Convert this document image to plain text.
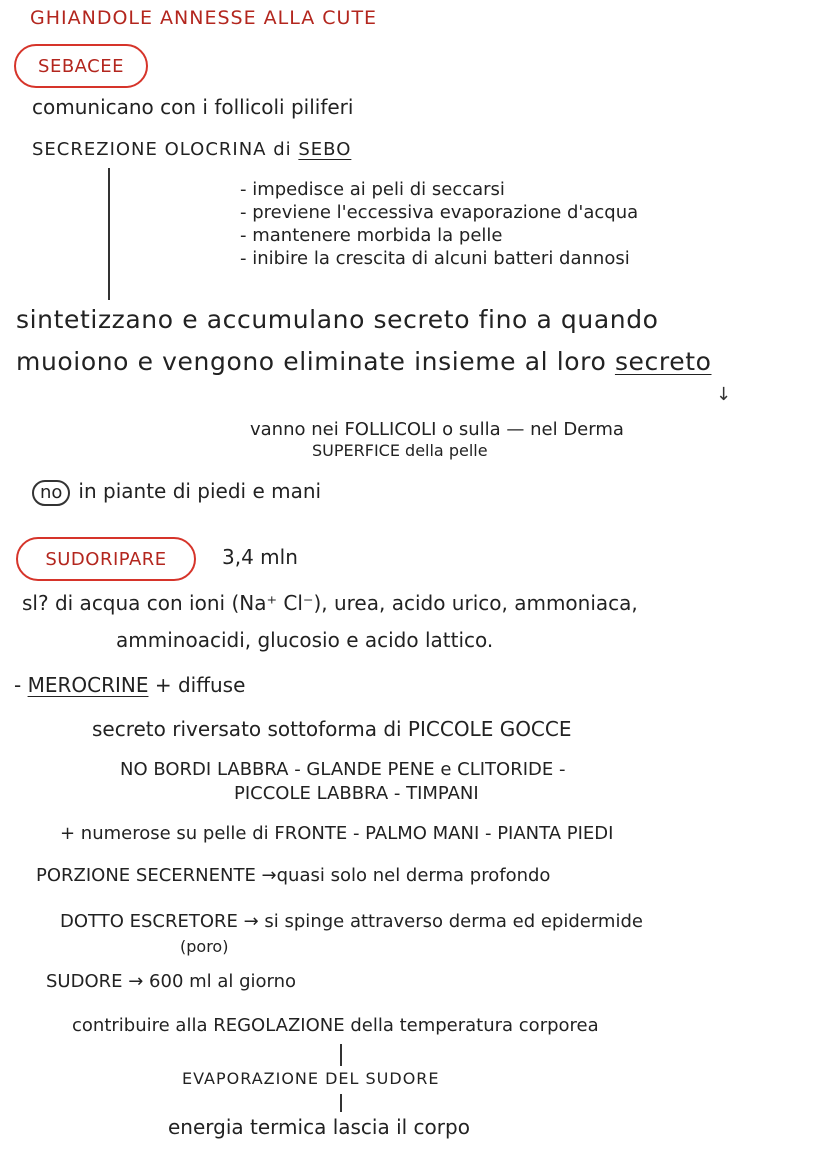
GHIANDOLE ANNESSE ALLA CUTE
SEBACEE
comunicano con i follicoli piliferi
SECREZIONE OLOCRINA di SEBO
- impedisce ai peli di seccarsi
- previene l'eccessiva evaporazione d'acqua
- mantenere morbida la pelle
- inibire la crescita di alcuni batteri dannosi
sintetizzano e accumulano secreto fino a quando
muoiono e vengono eliminate insieme al loro secreto
↓
vanno nei FOLLICOLI o sulla — nel Derma
SUPERFICE della pelle
no in piante di piedi e mani
SUDORIPARE	3,4 mln
sl? di acqua con ioni (Na⁺ Cl⁻), urea, acido urico, ammoniaca,
amminoacidi, glucosio e acido lattico.
- MEROCRINE + diffuse
secreto riversato sottoforma di PICCOLE GOCCE
NO BORDI LABBRA - GLANDE PENE e CLITORIDE -
PICCOLE LABBRA - TIMPANI
+ numerose su pelle di FRONTE - PALMO MANI - PIANTA PIEDI
PORZIONE SECERNENTE →quasi solo nel derma profondo
DOTTO ESCRETORE → si spinge attraverso derma ed epidermide
(poro)
SUDORE → 600 ml al giorno
contribuire alla REGOLAZIONE della temperatura corporea
EVAPORAZIONE DEL SUDORE
energia termica lascia il corpo
